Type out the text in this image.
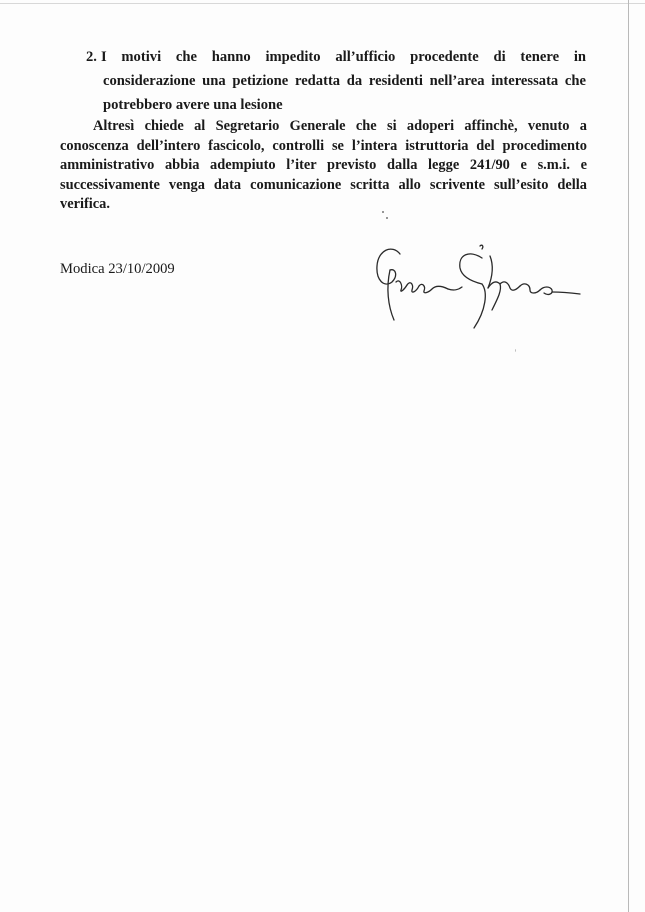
2. I motivi che hanno impedito all’ufficio procedente di tenere in
considerazione una petizione redatta da residenti nell’area interessata che
potrebbero avere una lesione
Altresì chiede al Segretario Generale che si adoperi affinchè, venuto a
conoscenza dell’intero fascicolo, controlli se l’intera istruttoria del procedimento
amministrativo abbia adempiuto l’iter previsto dalla legge 241/90 e s.m.i. e
successivamente venga data comunicazione scritta allo scrivente sull’esito della
verifica.
Modica 23/10/2009
